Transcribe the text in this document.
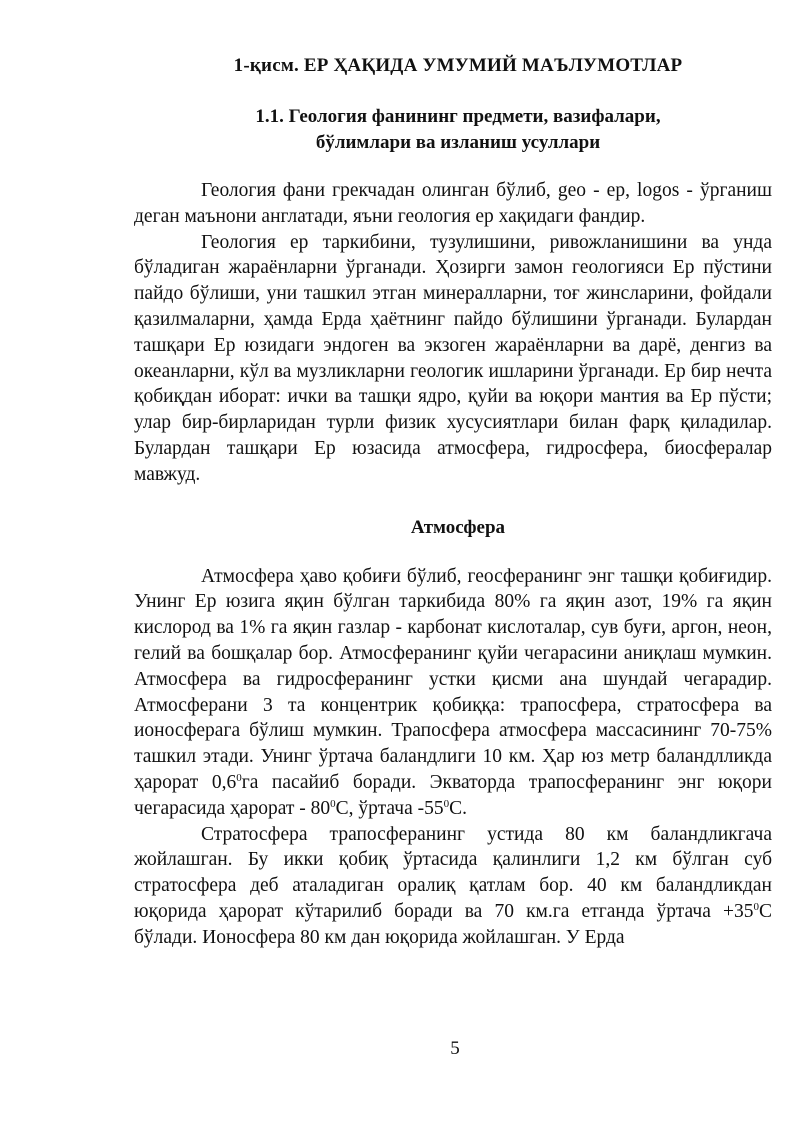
1-қисм. ЕР ҲАҚИДА УМУМИЙ МАЪЛУМОТЛАР
1.1. Геология фанининг предмети, вазифалари,
бўлимлари ва изланиш усуллари

Геология фани грекчадан олинган бўлиб, geo - ер, logos - ўрганиш деган маънони англатади, яъни геология ер хақидаги фандир.

Геология ер таркибини, тузулишини, ривожланишини ва унда бўладиган жараёнларни ўрганади. Ҳозирги замон геологияси Ер пўстини пайдо бўлиши, уни ташкил этган минералларни, тоғ жинсларини, фойдали қазилмаларни, ҳамда Ерда ҳаётнинг пайдо бўлишини ўрганади. Булардан ташқари Ер юзидаги эндоген ва экзоген жараёнларни ва дарё, денгиз ва океанларни, кўл ва музликларни геологик ишларини ўрганади. Ер бир нечта қобиқдан иборат: ички ва ташқи ядро, қуйи ва юқори мантия ва Ер пўсти; улар бир-бирларидан турли физик хусусиятлари билан фарқ қиладилар. Булардан ташқари Ер юзасида атмосфера, гидросфера, биосфералар мавжуд.

Атмосфера

Атмосфера ҳаво қобиғи бўлиб, геосферанинг энг ташқи қобиғидир. Унинг Ер юзига яқин бўлган таркибида 80% га яқин азот, 19% га яқин кислород ва 1% га яқин газлар - карбонат кислоталар, сув буғи, аргон, неон, гелий ва бошқалар бор. Атмосферанинг қуйи чегарасини аниқлаш мумкин. Атмосфера ва гидросферанинг устки қисми ана шундай чегарадир. Атмосферани 3 та концентрик қобиққа: трапосфера, стратосфера ва ионосферага бўлиш мумкин. Трапосфера атмосфера массасининг 70-75% ташкил этади. Унинг ўртача баландлиги 10 км. Ҳар юз метр баландлликда ҳарорат $0,6^0га$ пасайиб боради. Экваторда трапосферанинг энг юқори чегарасида ҳарорат - $80^0С$, ўртача $-55^0С$.

Стратосфера трапосферанинг устида 80 км баландликгача жойлашган. Бу икки қобиқ ўртасида қалинлиги 1,2 км бўлган суб стратосфера деб аталадиган оралиқ қатлам бор. 40 км баландликдан юқорида ҳарорат кўтарилиб боради ва 70 км.га етганда ўртача $+35^0С$ бўлади. Ионосфера 80 км дан юқорида жойлашган. У Ерда

5
